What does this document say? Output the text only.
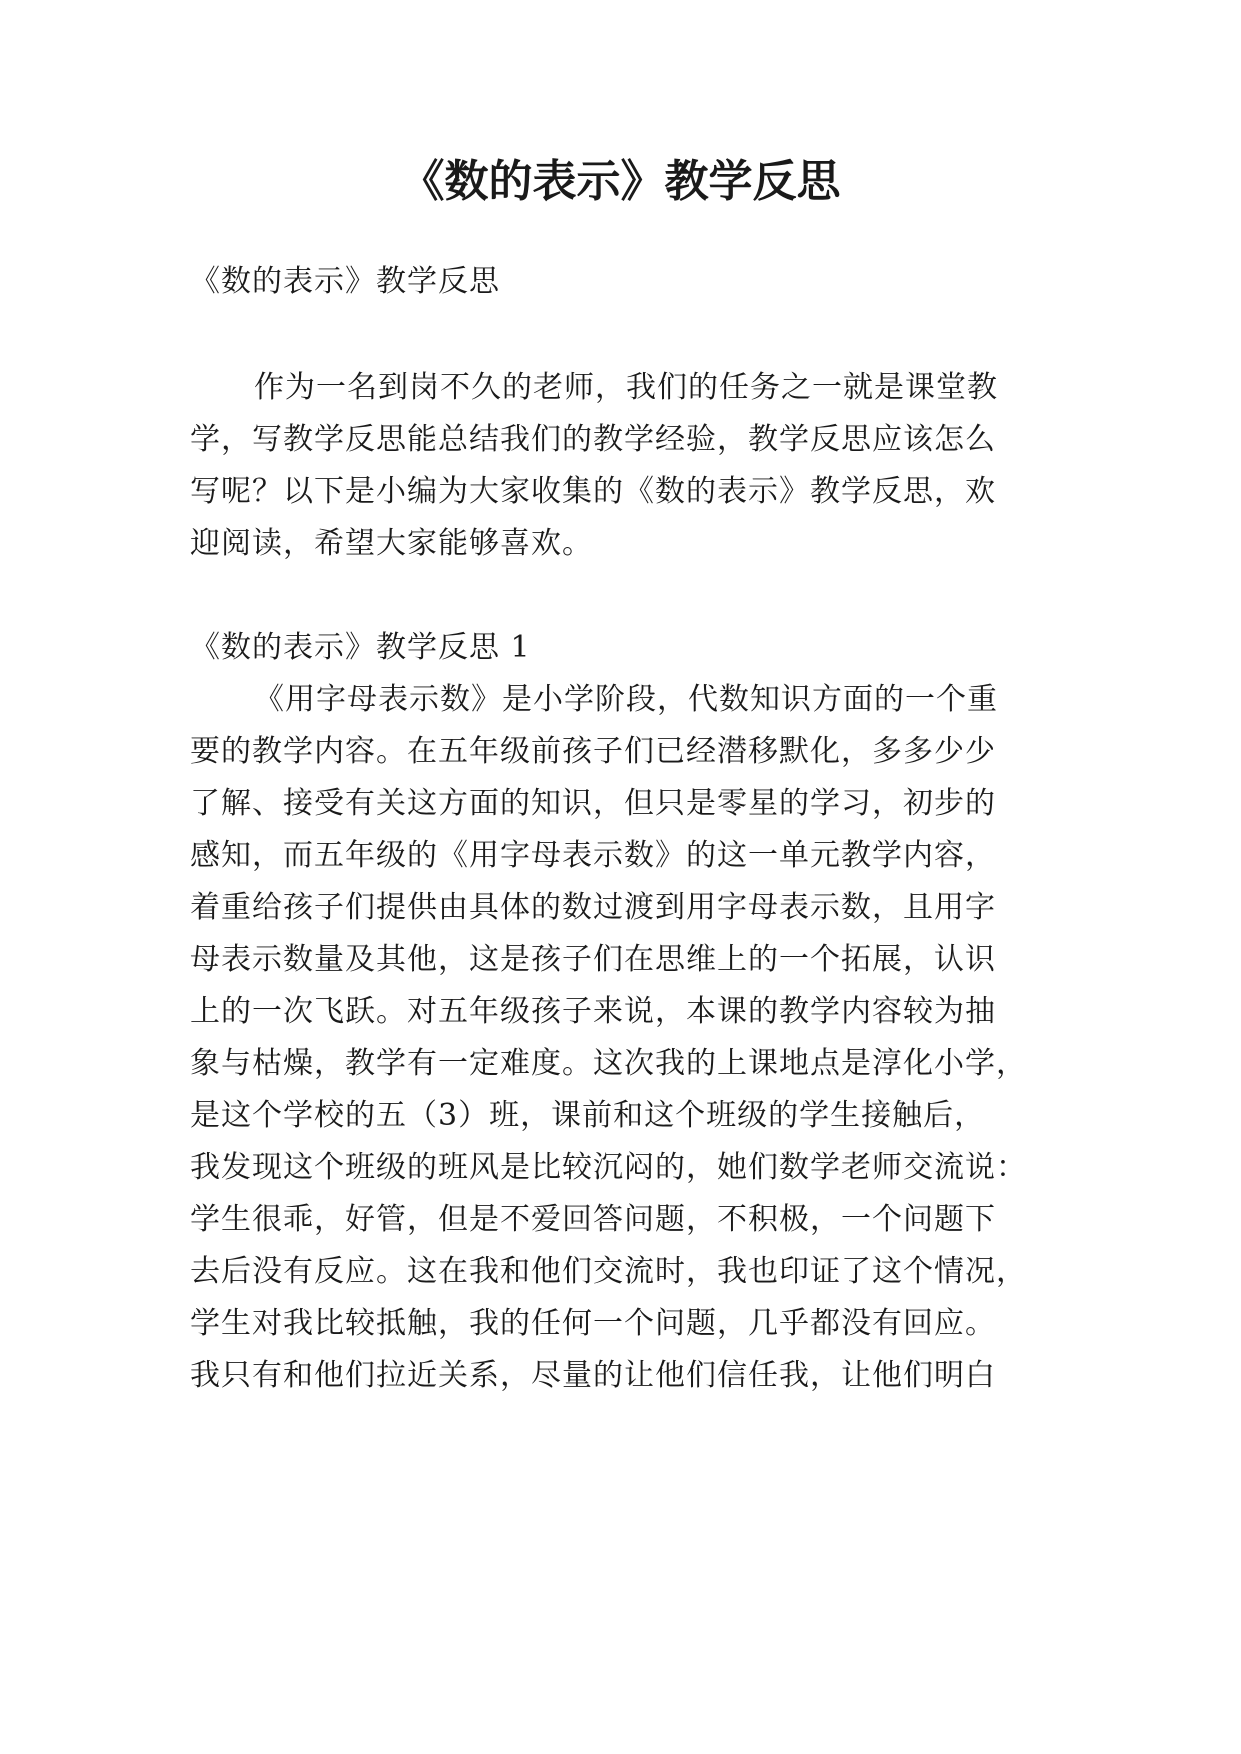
《数的表示》教学反思
《数的表示》教学反思
作为一名到岗不久的老师，我们的任务之一就是课堂教
学，写教学反思能总结我们的教学经验，教学反思应该怎么
写呢？以下是小编为大家收集的《数的表示》教学反思，欢
迎阅读，希望大家能够喜欢。
《数的表示》教学反思 1
《用字母表示数》是小学阶段，代数知识方面的一个重
要的教学内容。在五年级前孩子们已经潜移默化，多多少少
了解、接受有关这方面的知识，但只是零星的学习，初步的
感知，而五年级的《用字母表示数》的这一单元教学内容，
着重给孩子们提供由具体的数过渡到用字母表示数，且用字
母表示数量及其他，这是孩子们在思维上的一个拓展，认识
上的一次飞跃。对五年级孩子来说，本课的教学内容较为抽
象与枯燥，教学有一定难度。这次我的上课地点是淳化小学，
是这个学校的五（3）班，课前和这个班级的学生接触后，
我发现这个班级的班风是比较沉闷的，她们数学老师交流说：
学生很乖，好管，但是不爱回答问题，不积极，一个问题下
去后没有反应。这在我和他们交流时，我也印证了这个情况，
学生对我比较抵触，我的任何一个问题，几乎都没有回应。
我只有和他们拉近关系，尽量的让他们信任我，让他们明白
